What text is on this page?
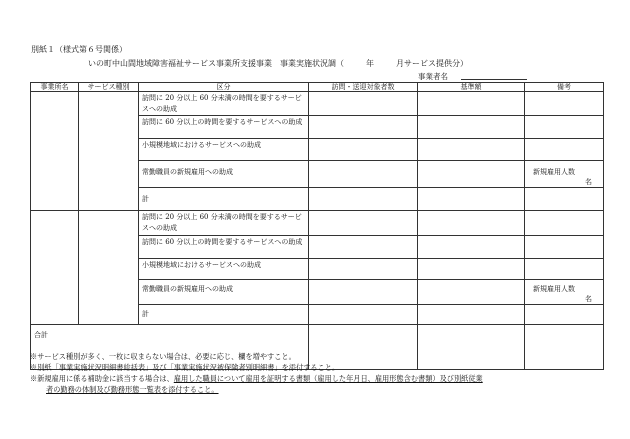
別紙１（様式第６号関係）
いの町中山間地域障害福祉サービス事業所支援事業　事業実施状況調（	年	月サービス提供分）
事業者名
事業所名	サービス種別	区分	訪問・送迎対象者数	基準額	備考
		訪問に 20 分以上 60 分未満の時間を要するサービスへの助成			
		訪問に 60 分以上の時間を要するサービスへの助成			
		小規模地域におけるサービスへの助成			
		常勤職員の新規雇用への助成			新規雇用人数
名

		計			
		訪問に 20 分以上 60 分未満の時間を要するサービスへの助成			
		訪問に 60 分以上の時間を要するサービスへの助成			
		小規模地域におけるサービスへの助成			
		常勤職員の新規雇用への助成			新規雇用人数
名

		計			
合計					
※サービス種別が多く、一枚に収まらない場合は、必要に応じ、欄を増やすこと。
※別紙「事業実施状況明細書総括表」及び「事業実施状況被保険者別明細書」を添付すること。
※新規雇用に係る補助金に該当する場合は、雇用した職員について雇用を証明する書類（雇用した年月日、雇用形態含む書類）及び別紙従業
者の勤務の体制及び勤務形態一覧表を添付すること。
